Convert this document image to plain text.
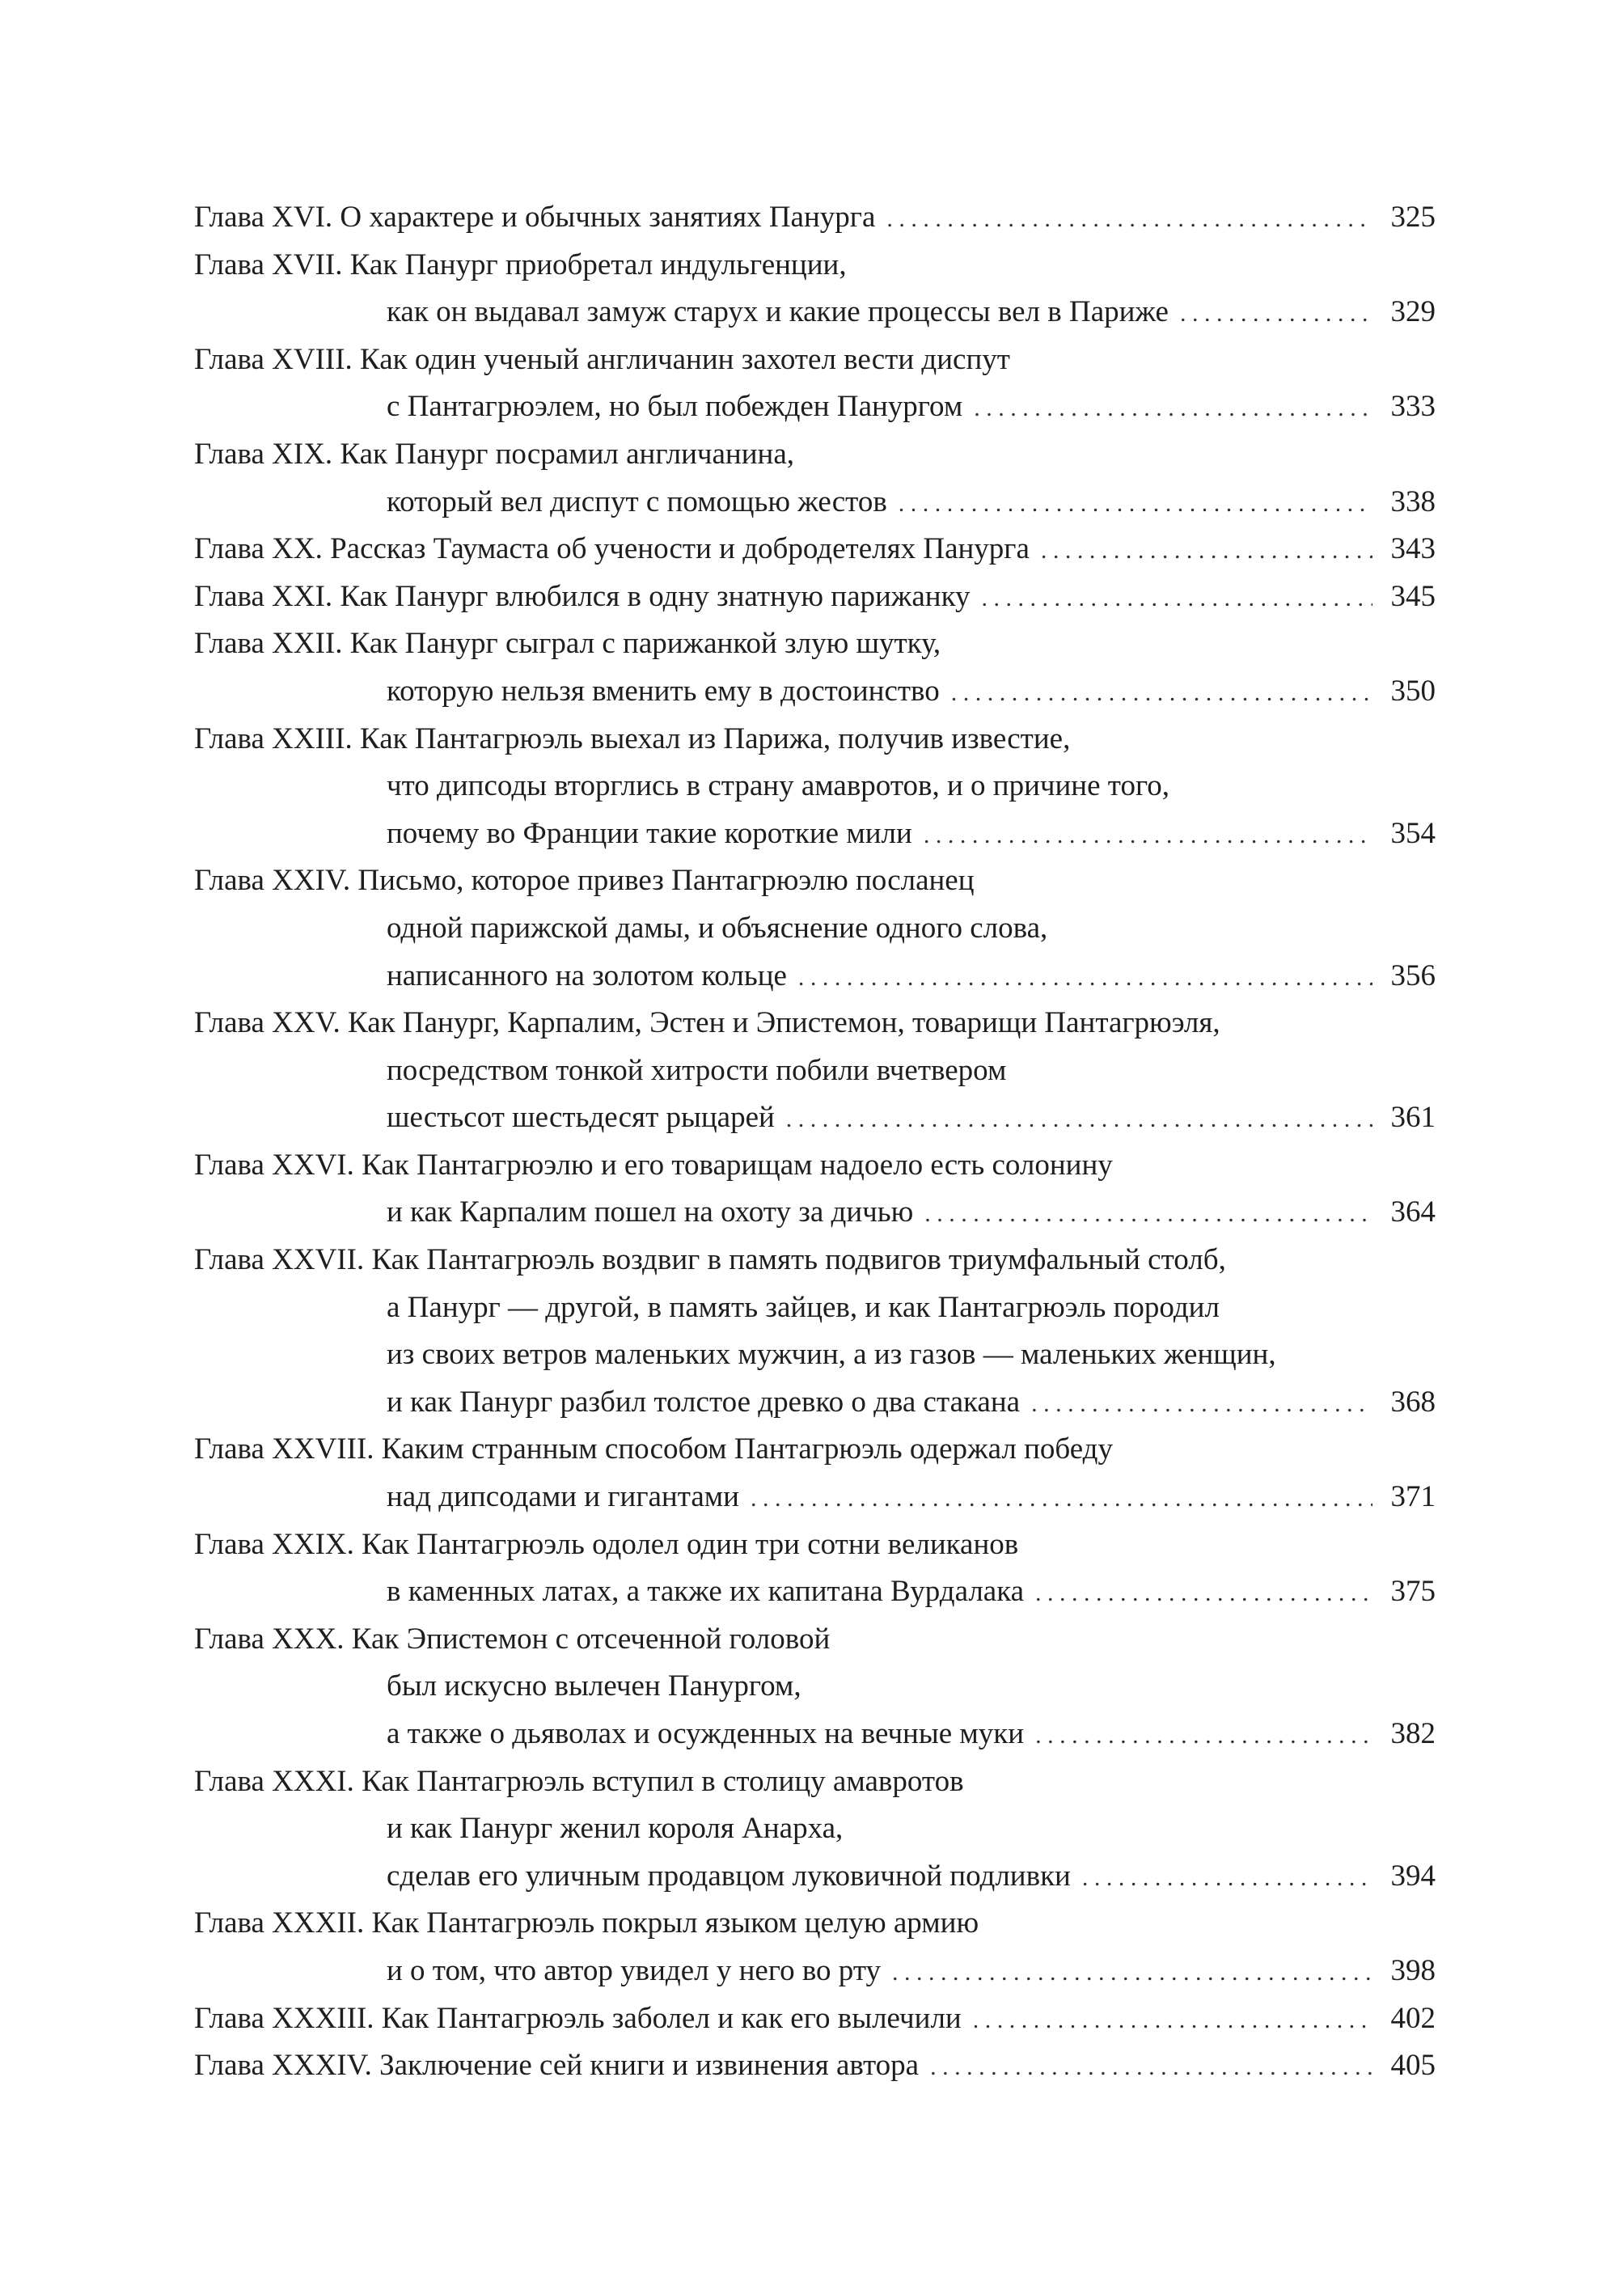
Глава XVI. О характере и обычных занятиях Панурга . . .	325
Глава XVII. Как Панург приобретал индульгенции,
как он выдавал замуж старух и какие процессы вел в Париже . . .	329
Глава XVIII. Как один ученый англичанин захотел вести диспут
с Пантагрюэлем, но был побежден Панургом . . .	333
Глава XIX. Как Панург посрамил англичанина,
который вел диспут с помощью жестов . . .	338
Глава XX. Рассказ Таумаста об учености и добродетелях Панурга . . .	343
Глава XXI. Как Панург влюбился в одну знатную парижанку . . .	345
Глава XXII. Как Панург сыграл с парижанкой злую шутку,
которую нельзя вменить ему в достоинство . . .	350
Глава XXIII. Как Пантагрюэль выехал из Парижа, получив известие,
что дипсоды вторглись в страну амавротов, и о причине того,
почему во Франции такие короткие мили . . .	354
Глава XXIV. Письмо, которое привез Пантагрюэлю посланец
одной парижской дамы, и объяснение одного слова,
написанного на золотом кольце . . .	356
Глава XXV. Как Панург, Карпалим, Эстен и Эпистемон, товарищи Пантагрюэля,
посредством тонкой хитрости побили вчетвером
шестьсот шестьдесят рыцарей . . .	361
Глава XXVI. Как Пантагрюэлю и его товарищам надоело есть солонину
и как Карпалим пошел на охоту за дичью . . .	364
Глава XXVII. Как Пантагрюэль воздвиг в память подвигов триумфальный столб,
а Панург — другой, в память зайцев, и как Пантагрюэль породил
из своих ветров маленьких мужчин, а из газов — маленьких женщин,
и как Панург разбил толстое древко о два стакана . . .	368
Глава XXVIII. Каким странным способом Пантагрюэль одержал победу
над дипсодами и гигантами . . .	371
Глава XXIX. Как Пантагрюэль одолел один три сотни великанов
в каменных латах, а также их капитана Вурдалака . . .	375
Глава XXX. Как Эпистемон с отсеченной головой
был искусно вылечен Панургом,
а также о дьяволах и осужденных на вечные муки . . .	382
Глава XXXI. Как Пантагрюэль вступил в столицу амавротов
и как Панург женил короля Анарха,
сделав его уличным продавцом луковичной подливки . . .	394
Глава XXXII. Как Пантагрюэль покрыл языком целую армию
и о том, что автор увидел у него во рту . . .	398
Глава XXXIII. Как Пантагрюэль заболел и как его вылечили . . .	402
Глава XXXIV. Заключение сей книги и извинения автора . . .	405
